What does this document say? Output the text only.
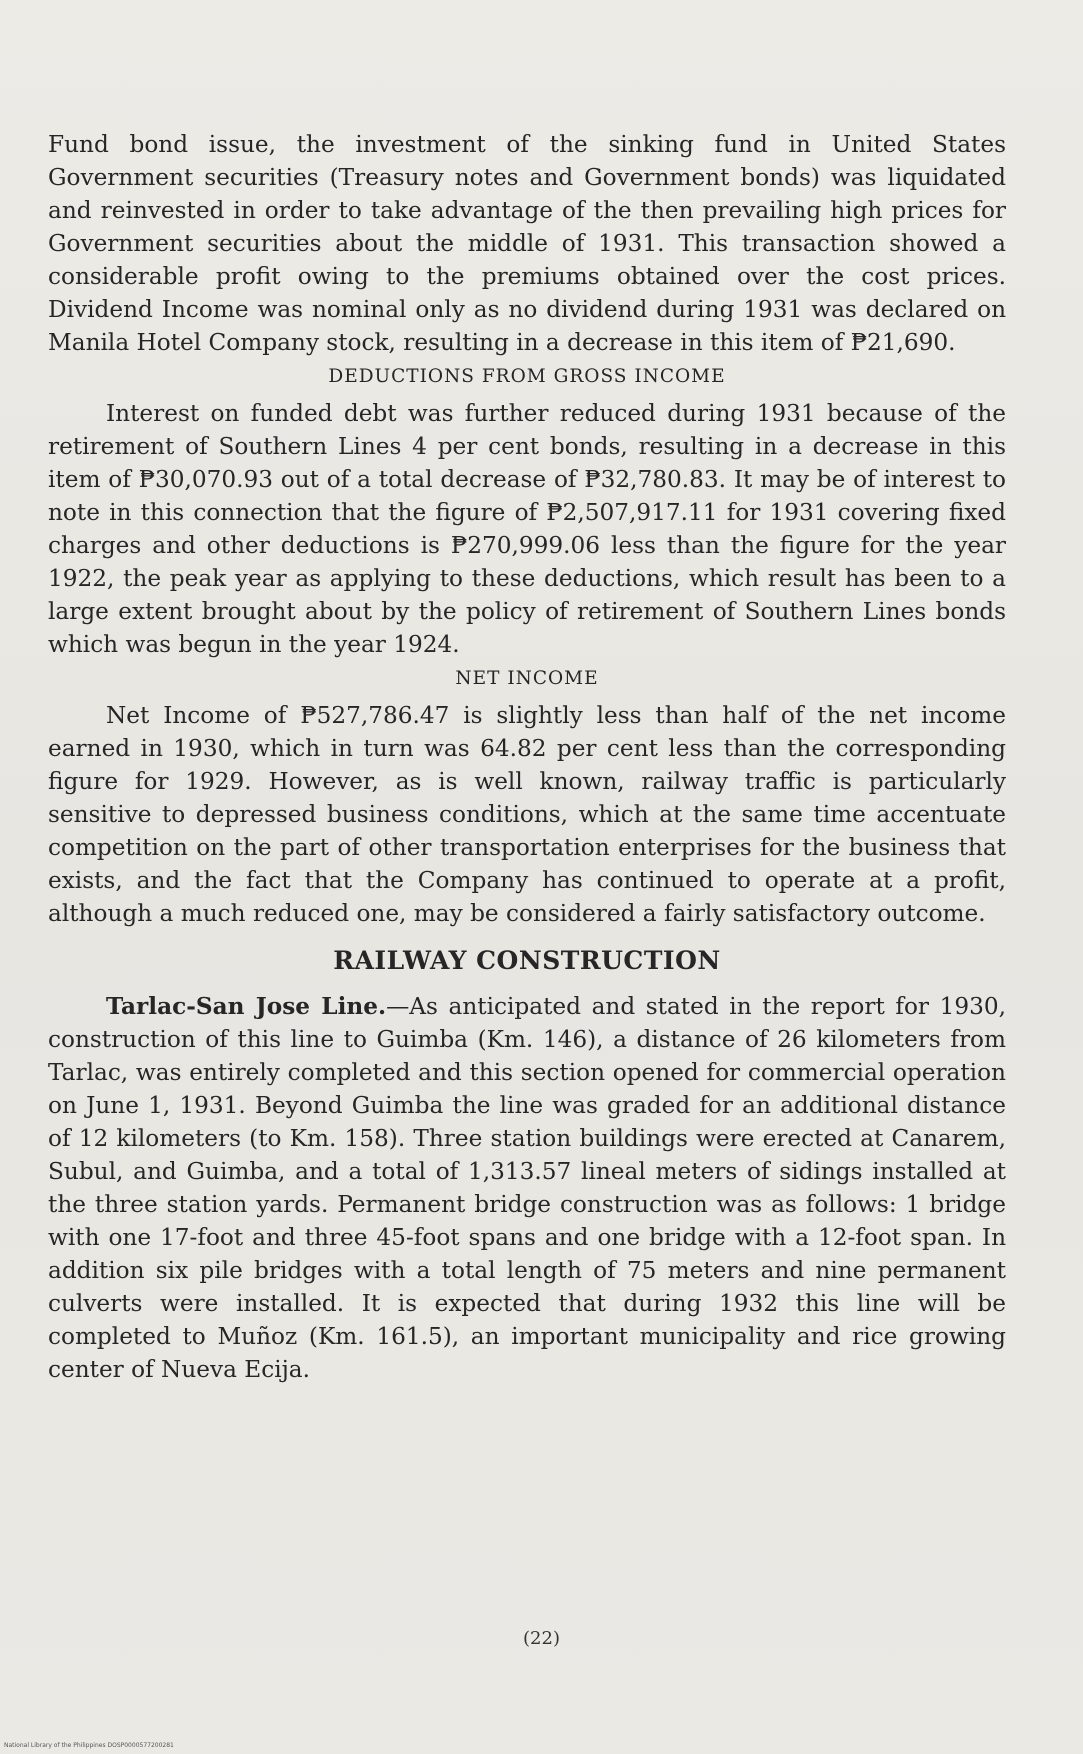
Fund bond issue, the investment of the sinking fund in United States Government securities (Treasury notes and Government bonds) was liquidated and reinvested in order to take advantage of the then prevailing high prices for Government securities about the middle of 1931. This transaction showed a considerable profit owing to the premiums obtained over the cost prices. Dividend Income was nominal only as no dividend during 1931 was declared on Manila Hotel Company stock, resulting in a decrease in this item of ₱21,690.

DEDUCTIONS FROM GROSS INCOME

Interest on funded debt was further reduced during 1931 because of the retirement of Southern Lines 4 per cent bonds, resulting in a decrease in this item of ₱30,070.93 out of a total decrease of ₱32,780.83. It may be of interest to note in this connection that the figure of ₱2,507,917.11 for 1931 covering fixed charges and other deductions is ₱270,999.06 less than the figure for the year 1922, the peak year as applying to these deductions, which result has been to a large extent brought about by the policy of retirement of Southern Lines bonds which was begun in the year 1924.

NET INCOME

Net Income of ₱527,786.47 is slightly less than half of the net income earned in 1930, which in turn was 64.82 per cent less than the corresponding figure for 1929. However, as is well known, railway traffic is particularly sensitive to depressed business conditions, which at the same time accentuate competition on the part of other transportation enterprises for the business that exists, and the fact that the Company has continued to operate at a profit, although a much reduced one, may be considered a fairly satisfactory outcome.

RAILWAY CONSTRUCTION

Tarlac-San Jose Line.—As anticipated and stated in the report for 1930, construction of this line to Guimba (Km. 146), a distance of 26 kilometers from Tarlac, was entirely completed and this section opened for commercial operation on June 1, 1931. Beyond Guimba the line was graded for an additional distance of 12 kilometers (to Km. 158). Three station buildings were erected at Canarem, Subul, and Guimba, and a total of 1,313.57 lineal meters of sidings installed at the three station yards. Permanent bridge construction was as follows: 1 bridge with one 17-foot and three 45-foot spans and one bridge with a 12-foot span. In addition six pile bridges with a total length of 75 meters and nine permanent culverts were installed. It is expected that during 1932 this line will be completed to Muñoz (Km. 161.5), an important municipality and rice growing center of Nueva Ecija.

(22)
National Library of the Philippines DOSP0000577200281
